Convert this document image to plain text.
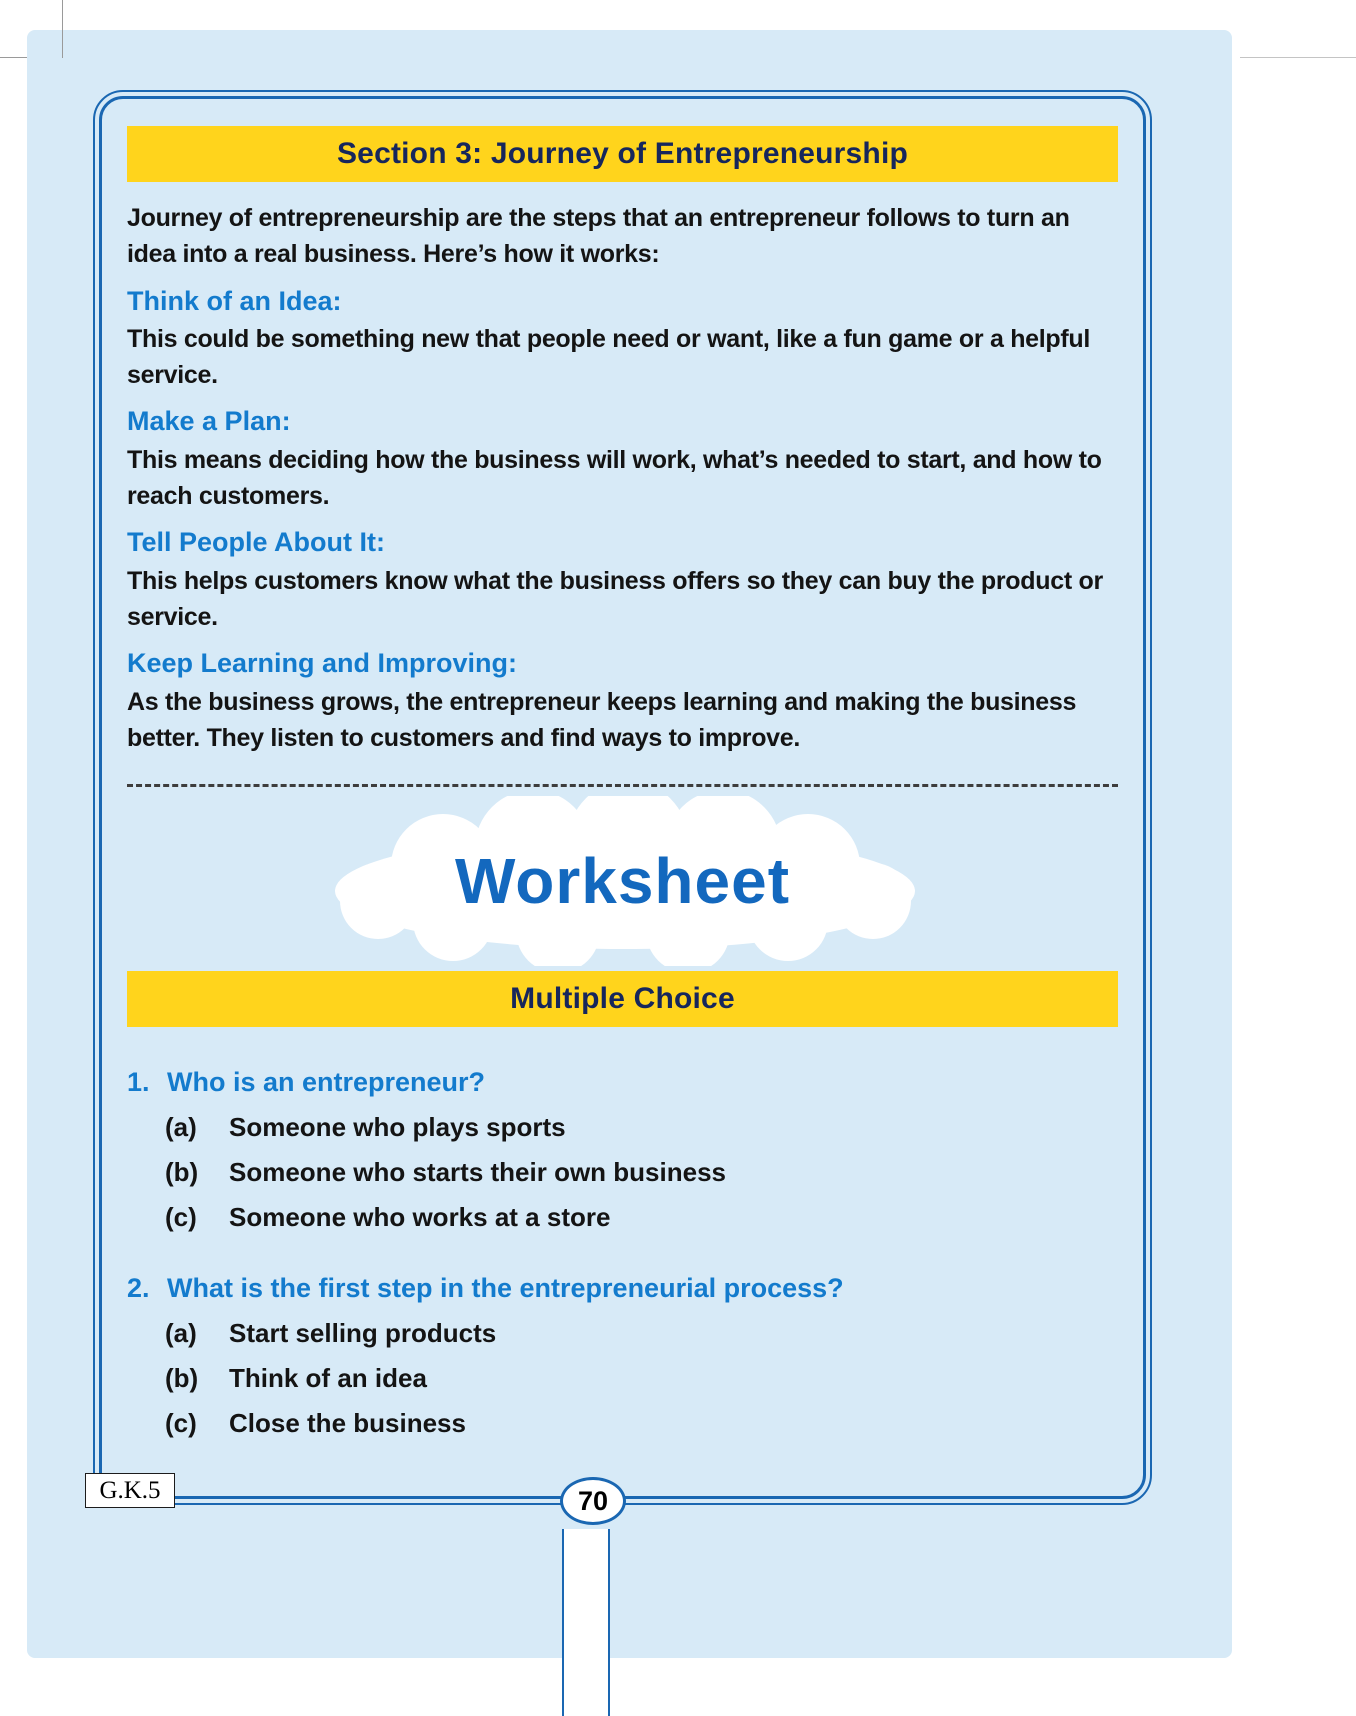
Section 3: Journey of Entrepreneurship
Journey of entrepreneurship are the steps that an entrepreneur follows to turn an idea into a real business. Here’s how it works:
Think of an Idea:
This could be something new that people need or want, like a fun game or a helpful service.
Make a Plan:
This means deciding how the business will work, what’s needed to start, and how to reach customers.
Tell People About It:
This helps customers know what the business offers so they can buy the product or service.
Keep Learning and Improving:
As the business grows, the entrepreneur keeps learning and making the business better. They listen to customers and find ways to improve.
Worksheet
Multiple Choice
1. Who is an entrepreneur?
(a)	Someone who plays sports
(b)	Someone who starts their own business
(c)	Someone who works at a store
2. What is the first step in the entrepreneurial process?
(a)	Start selling products
(b)	Think of an idea
(c)	Close the business
G.K.5	70
